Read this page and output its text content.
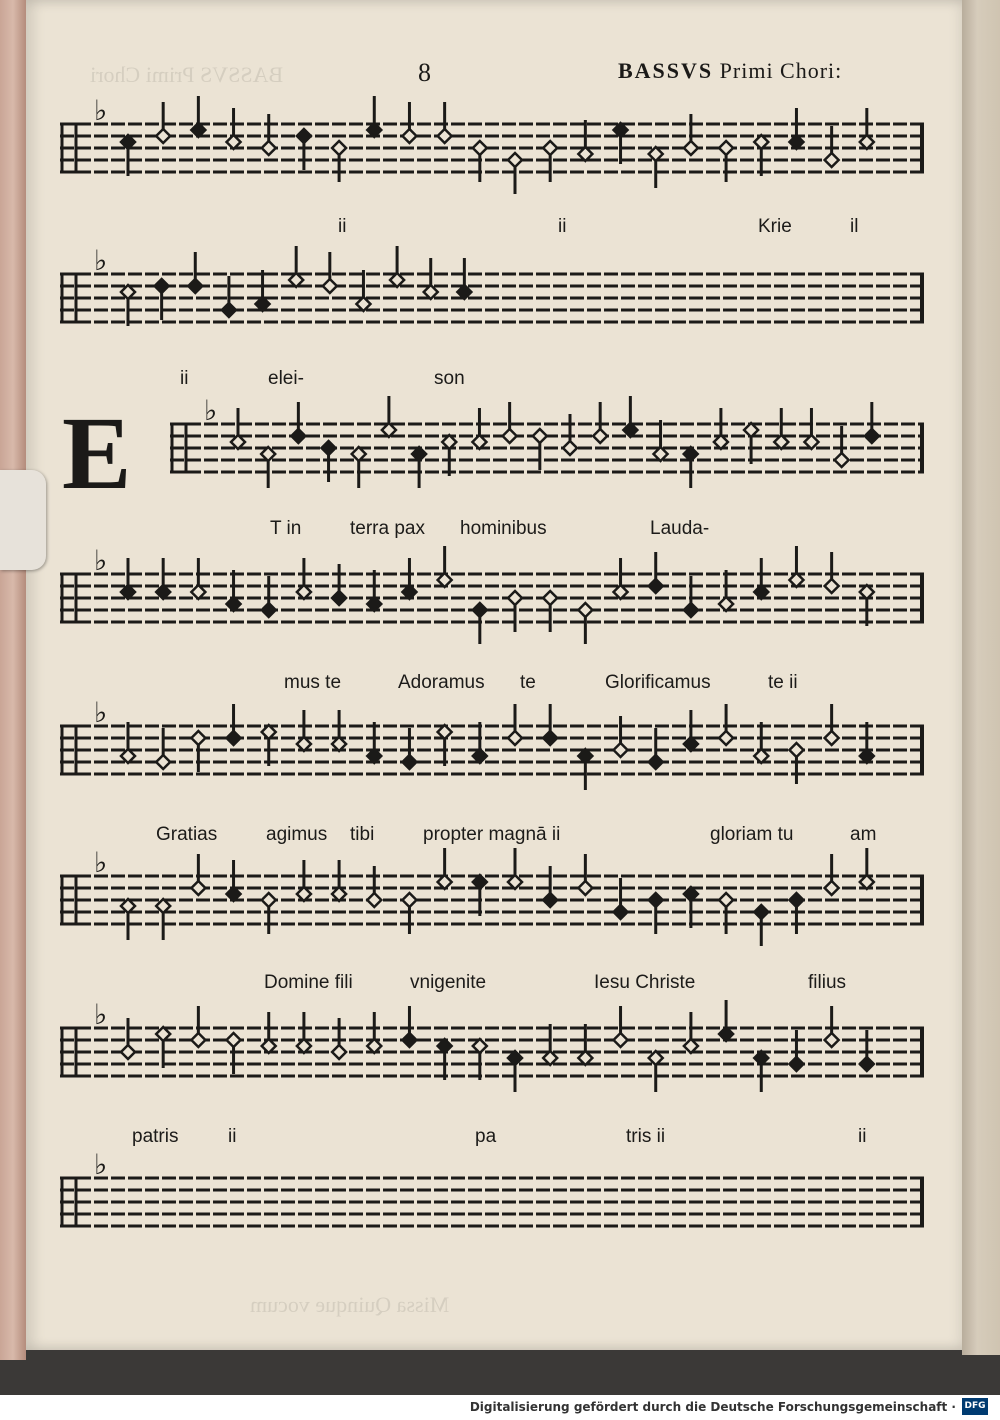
BASSVS Primi Chori
Missa Quinque vocum
8	BASSVS Primi Chori:
E
♭
♭
♭
♭
♭
♭
♭
♭
ii	ii	Krie	il
ii	elei-	son
T in	terra pax hominibus	Lauda-
mus te	Adoramus te	Glorificamus	te ii
Gratias	agimus tibi	propter magnā ii	gloriam tu	am
Domine fili	vnigenite	Iesu Christe	filius
patris	ii	pa	tris ii	ii
Digitalisierung gefördert durch die Deutsche Forschungsgemeinschaft · DFG
